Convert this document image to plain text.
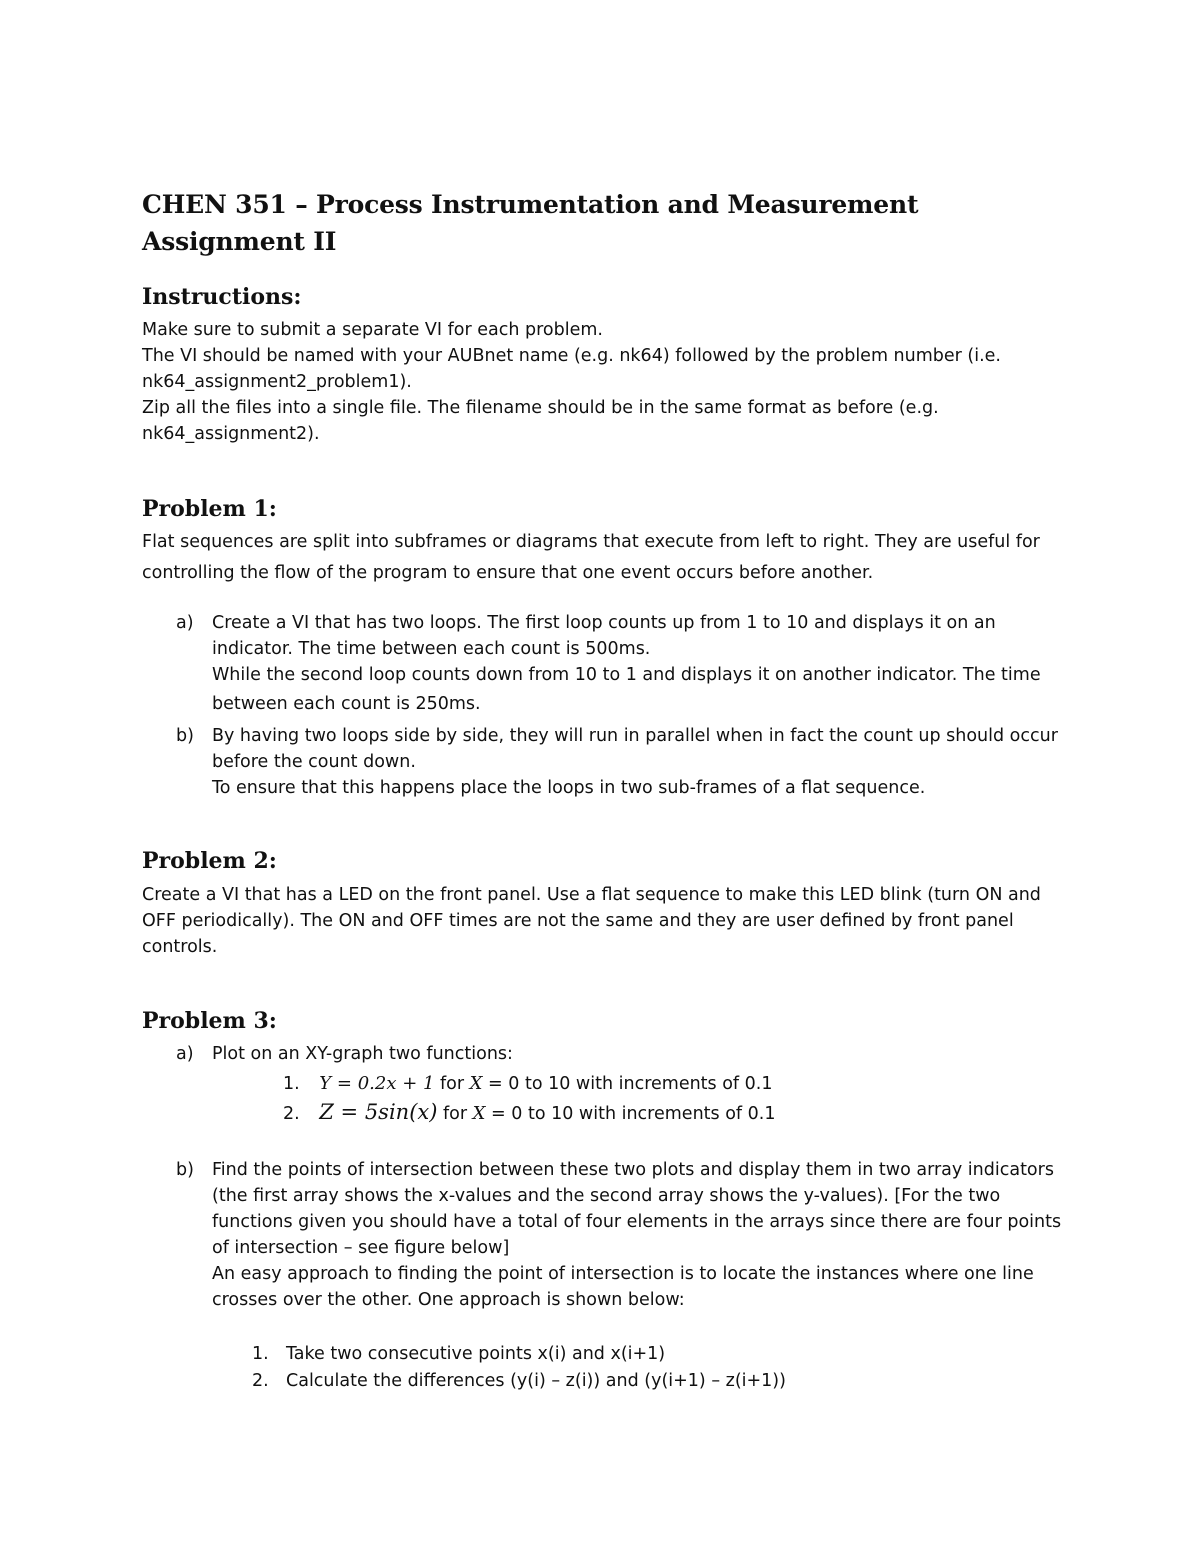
CHEN 351 – Process Instrumentation and Measurement
Assignment II
Instructions:
Make sure to submit a separate VI for each problem.
The VI should be named with your AUBnet name (e.g. nk64) followed by the problem number (i.e.
nk64_assignment2_problem1).
Zip all the files into a single file. The filename should be in the same format as before (e.g.
nk64_assignment2).
Problem 1:
Flat sequences are split into subframes or diagrams that execute from left to right. They are useful for
controlling the flow of the program to ensure that one event occurs before another.
a) Create a VI that has two loops. The first loop counts up from 1 to 10 and displays it on an
indicator. The time between each count is 500ms.
While the second loop counts down from 10 to 1 and displays it on another indicator. The time
between each count is 250ms.
b) By having two loops side by side, they will run in parallel when in fact the count up should occur
before the count down.
To ensure that this happens place the loops in two sub-frames of a flat sequence.
Problem 2:
Create a VI that has a LED on the front panel. Use a flat sequence to make this LED blink (turn ON and
OFF periodically). The ON and OFF times are not the same and they are user defined by front panel
controls.
Problem 3:
a) Plot on an XY-graph two functions:
1. Y = 0.2x + 1 for X = 0 to 10 with increments of 0.1
2. Z = 5sin(x) for X = 0 to 10 with increments of 0.1
b) Find the points of intersection between these two plots and display them in two array indicators
(the first array shows the x-values and the second array shows the y-values). [For the two
functions given you should have a total of four elements in the arrays since there are four points
of intersection – see figure below]
An easy approach to finding the point of intersection is to locate the instances where one line
crosses over the other. One approach is shown below:
1. Take two consecutive points x(i) and x(i+1)
2. Calculate the differences (y(i) – z(i)) and (y(i+1) – z(i+1))
